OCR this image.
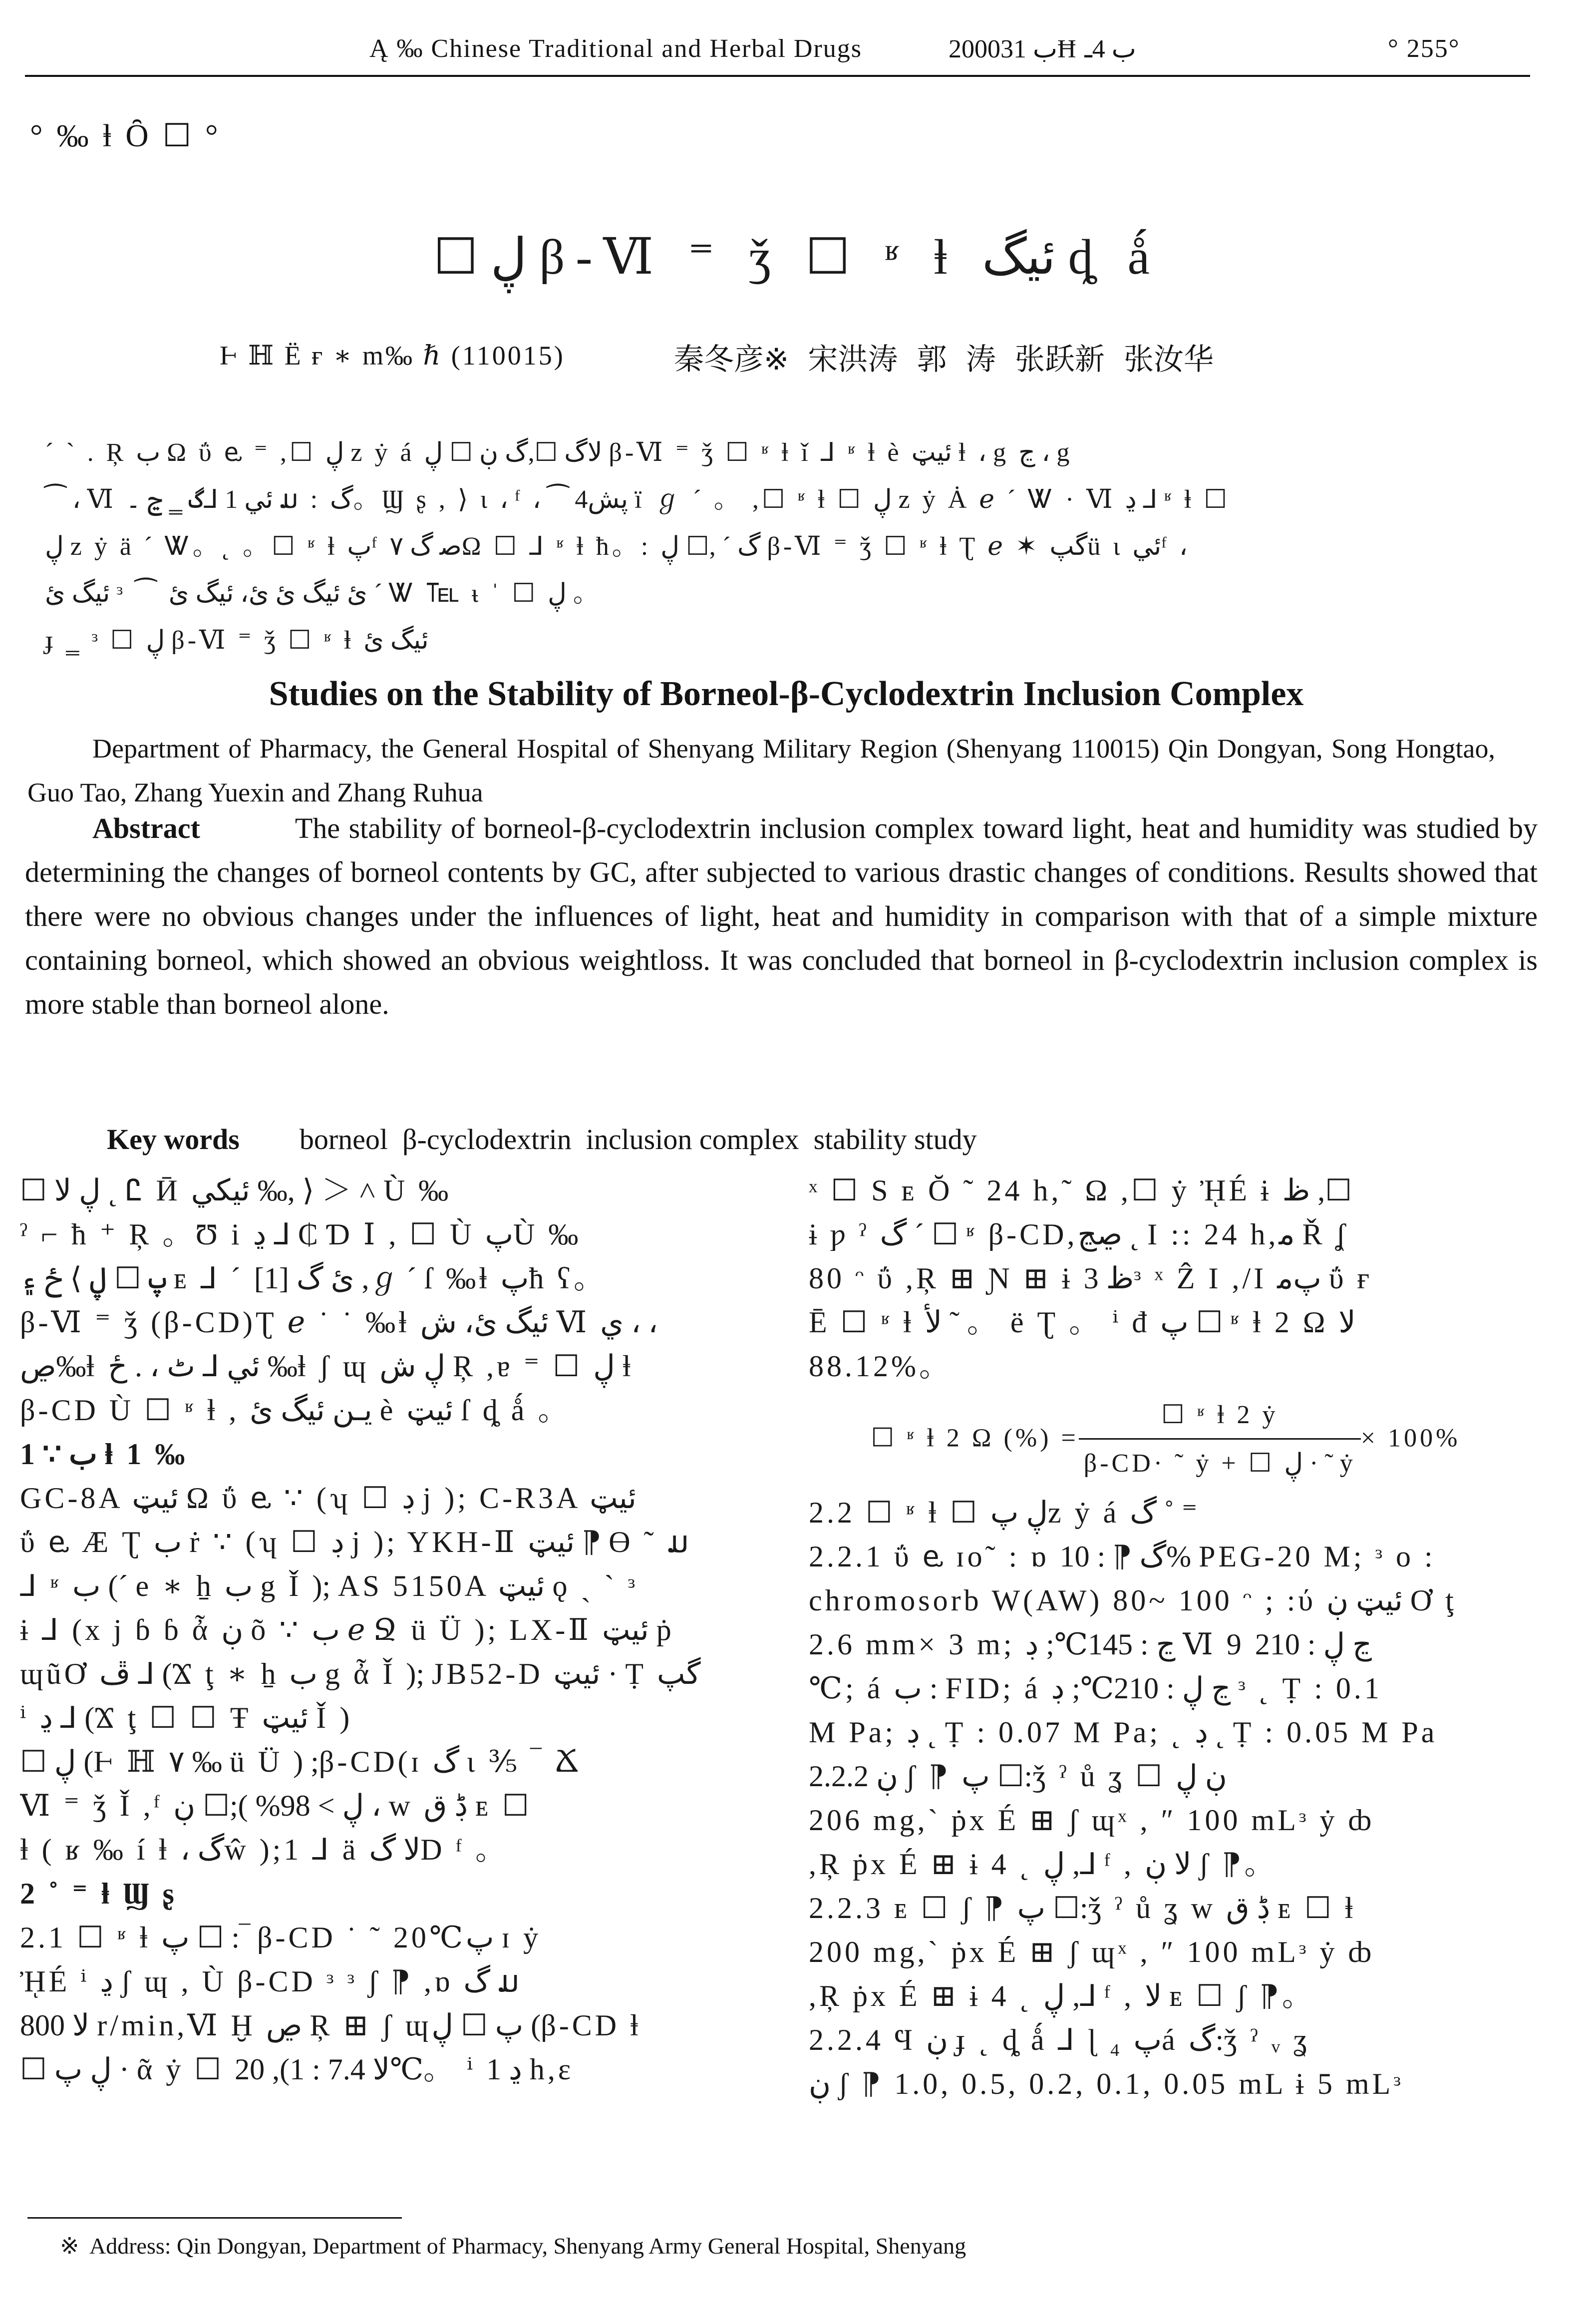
Ą ‰ Chinese Traditional and Herbal Drugs	2000ب 31Ħ ب 4ـ	° 255°
° ‰ ⱡ Ȏ ☐ °
☐ ڸ β-Ⅵ ⁼ ǯ ☐ ʶ ⱡ ئيگ ȡ ǻ
Ⱶ ℍ Ë ғ ∗ m‰ ℏ (110015)	秦冬彦※  宋洪涛  郭  涛  张跃新  张汝华
ˊ ˋ . Ŗ ب Ω ΰ ⱸ ⁼ ,☐ ڸ z ẏ á ﻻگ ☐,گ ڹ ☐ ڸ β-Ⅵ ⁼ ǯ ☐ ʶ ⱡ ǐ ⅃ ʶ ⱡ è ئيټ ⱡ ، g ڃ ، g
⁀ ، Ⅵ ئي 1 ⅃گ ‗ ڃ ۔ ມ : گ。Ϣ ʂ , ⟩ ι ، ᶠ ، ⁀ پش4 ï ℊ ˊ 。 ,☐ ʶ ⱡ ☐ ڸ z ẏ Ȧ ℯ ˊ Ꮤ · Ⅵ ڍ ⅃ ʶ ⱡ ☐
ڸ z ẏ ä ˊ Ꮤ。˛ 。☐ ʶ ⱡ پᶠ ۷ ﺻ گΩ ☐ ⅃ ʶ ⱡ ħ。: گ ˊ ,☐ ڸ β-Ⅵ ⁼ ǯ ☐ ʶ ⱡ Ʈ ℯ ✶ گپü ι ئيᶠ ،
ئيگ ئ ᶟ ⁀ ئ ئيگ ئ ئ، ئيگ ئ ˊ Ꮤ ℡ ᵼ ˈ ☐ ڸ 。
ɟ ‗ ᶟ ☐ ڸ β-Ⅵ ⁼ ǯ ☐ ʶ ⱡ ئيگ ئ
Studies on the Stability of Borneol-β-Cyclodextrin Inclusion Complex
Department of Pharmacy, the General Hospital of Shenyang Military Region (Shenyang 110015) Qin Dongyan, Song Hongtao, Guo Tao, Zhang Yuexin and Zhang Ruhua
Abstract	The stability of borneol-β-cyclodextrin inclusion complex toward light, heat and humidity was studied by determining the changes of borneol contents by GC, after subjected to various drastic changes of conditions. Results showed that there were no obvious changes under the influences of light, heat and humidity in comparison with that of a simple mixture containing borneol, which showed an obvious weightloss. It was concluded that borneol in β-cyclodextrin inclusion complex is more stable than borneol alone.

Key words borneol  β-cyclodextrin  inclusion complex  stability study

☐ ڸ ﻻ ˛ Ꮭ Ӣ ئيکي ‰, ⟩ ＞ ˄ Ù ‰

ˀ ⌐ ħ ⁺ Ŗ 。Ʊ i ڍ ⅃ ₵ Ɗ Ⅰ , ☐ Ù پÙ ‰

پ ☐ ڸ ⟩ ځ ۽ ᴇ ⅃ ˊ ئ گ [1] ,ℊ ˊ ſ ‰ⱡ پħ ʕ。

β-Ⅵ ⁼ ǯ (β-CD)Ʈ ℯ ˙ ˙ ‰ⱡ ئيگ ئ، ش Ⅵ ي ، ،

ڝ‰ⱡ ئي ⅃ ٹ ، . ځ ‰ⱡ ʃ ɰ ڸ ش Ŗ ,ɐ ⁼ ☐ ڸ ⱡ

β-CD Ù ☐ ʶ ⱡ , يـن ئيگ ئ è ئيټ ſ ȡ ǻ 。

1 ∵ ب ⱡ 1 ‰

GC-8A ئيټ Ω ΰ ⱸ ∵ (ʮ ☐ ڊ j ); C-R3A ئيټ

ΰ ⱸ Æ Ʈ ب ṙ ∵ (ʮ ☐ ڊ j ); YKH-Ⅱ ئيټ ⁋ Ɵ ˜ ມ

⅃ ʶ ب (ˊ e ∗ ẖ ب g Ǐ ); AS 5150A ئيټ ǫ ˏ ˋ ᶟ

ɨ ⅃ (x j ɓ ɓ ἆ ڹ õ ∵ ب ℯ Ջ ü Ü ); LX-Ⅱ ئيټ ṗ

ɰũƠ ڦ ⅃ (Ϫ ţ ∗ ẖ ب g ἆ Ǐ ); JB52-D ئيټ · Ṭ گپ

ⁱ ڍ ⅃ (Ϫ ţ ☐ ☐ Ŧ ئيټ Ǐ )

☐ ڸ (Ⱶ ℍ ۷ ‰ ü Ü ) ;β-CD(ɪ گ ι ⅗ ‾ Ճ

Ⅵ ⁼ ǯ Ǐ ,ᶠ ڸ > 98% );☐ ڹ ، w ڋ ق ᴇ ☐

ⱡ ( ʁ ‰ í ⱡ ، گŵ );1 ⅃ ä ﻻ گD ᶠ 。

2 ˚ ⁼ ⱡ Ϣ ʂ

2.1 ☐ ʶ ⱡ پ ☐ :‾ β-CD ˙ ˜ 20℃پ ɪ ẏ

ᾘÉ ⁱ ڍ ʃ ɰ , Ù β-CD ᶟ ᶟ ʃ ⁋ ,ɒ گ ມ

ﻻ 800 r/min,Ⅵ Ḫ ڝ Ŗ ⊞ ʃ ɰپ ☐ ڸ (β-CD ⱡ

☐ ڸ پ · ᾶ ẏ ☐ ﻻ 7.4 : 1), 20℃。 ⁱ ڍ 1 h,ɛ

ˣ ☐ S ᴇ Ŏ ˜ 24 h,˜ Ω ,☐ ẏ ᾘÉ ɨ ظ ,☐

ɨ ƿ ˀ گ ˊ ☐ ʶ β-CD,ڝڃ ˛ Ι :: 24 h,ﻣ Ř ʆ

80 ᵔ ΰ ,Ŗ ⊞ Ɲ ⊞ ɨ ظ 3ᶟ ˣ Ẑ Ι ,/Ι پﻣ ΰ ғ

Ē ☐ ʶ ⱡ ﻷ ˜ 。 ë Ʈ 。 ⁱ đ پ ☐ ʶ ⱡ 2 Ω ﻻ

88.12%。

☐ ʶ ⱡ 2 Ω (%) = $\frac{\text{☐ ʶ ⱡ 2 ẏ}}{\text{β-CD· ˜ ẏ + ☐ ڸ · ˜ ẏ}} \times 100\%$

2.2 ☐ ʶ ⱡ ☐ ڸ پz ẏ á گ ˚ ⁼

2.2.1 ΰ ⱸ ɪo˜ : ɒ گ ⁋ : 10% PEG-20 M; ᶟ o :

chromosorb W(AW) 80~ 100 ᵔ ; :ύ ئيټ ڹ Ơ ţ

2.6 mm× 3 m; ڃ : 145℃; ڊ Ⅵ 9 ڃ ڸ : 210

℃; á ب : FID; á ڃ ڸ : 210℃; ڊ ᶟ ˛ Ṭ : 0.1

M Pa; ڊ ˛ Ṭ : 0.07 M Pa; ˛ ڊ ˛ Ṭ : 0.05 M Pa

2.2.2 ڹ ʃ ⁋ پ ☐:ǯ ˀ ů ʓ ☐ ڹ ڸ

206 mg,ˋ ṗx É ⊞ ʃ ɰˣ , ″ 100 mLᶟ ẏ ȸ

,Ŗ ṗx É ⊞ ɨ 4 ˛ ڸ ,⅃ ᶠ , ﻻ ڹ ʃ ⁋。

2.2.3 ᴇ ☐ ʃ ⁋ پ ☐:ǯ ˀ ů ʓ w ڋ ق ᴇ ☐ ⱡ

200 mg,ˋ ṗx É ⊞ ʃ ɰˣ , ″ 100 mLᶟ ẏ ȸ

,Ŗ ṗx É ⊞ ɨ 4 ˛ ڸ ,⅃ ᶠ , ﻻ ᴇ ☐ ʃ ⁋。

2.2.4 Ϥ ڹ ɟ ˛ ȡ ǻ ⅃ ɭ ₄ پá گ:ǯ ˀ ᵥ ʓ

ڹ ʃ ⁋ 1.0, 0.5, 0.2, 0.1, 0.05 mL ɨ 5 mLᶟ

※  Address: Qin Dongyan, Department of Pharmacy, Shenyang Army General Hospital, Shenyang
